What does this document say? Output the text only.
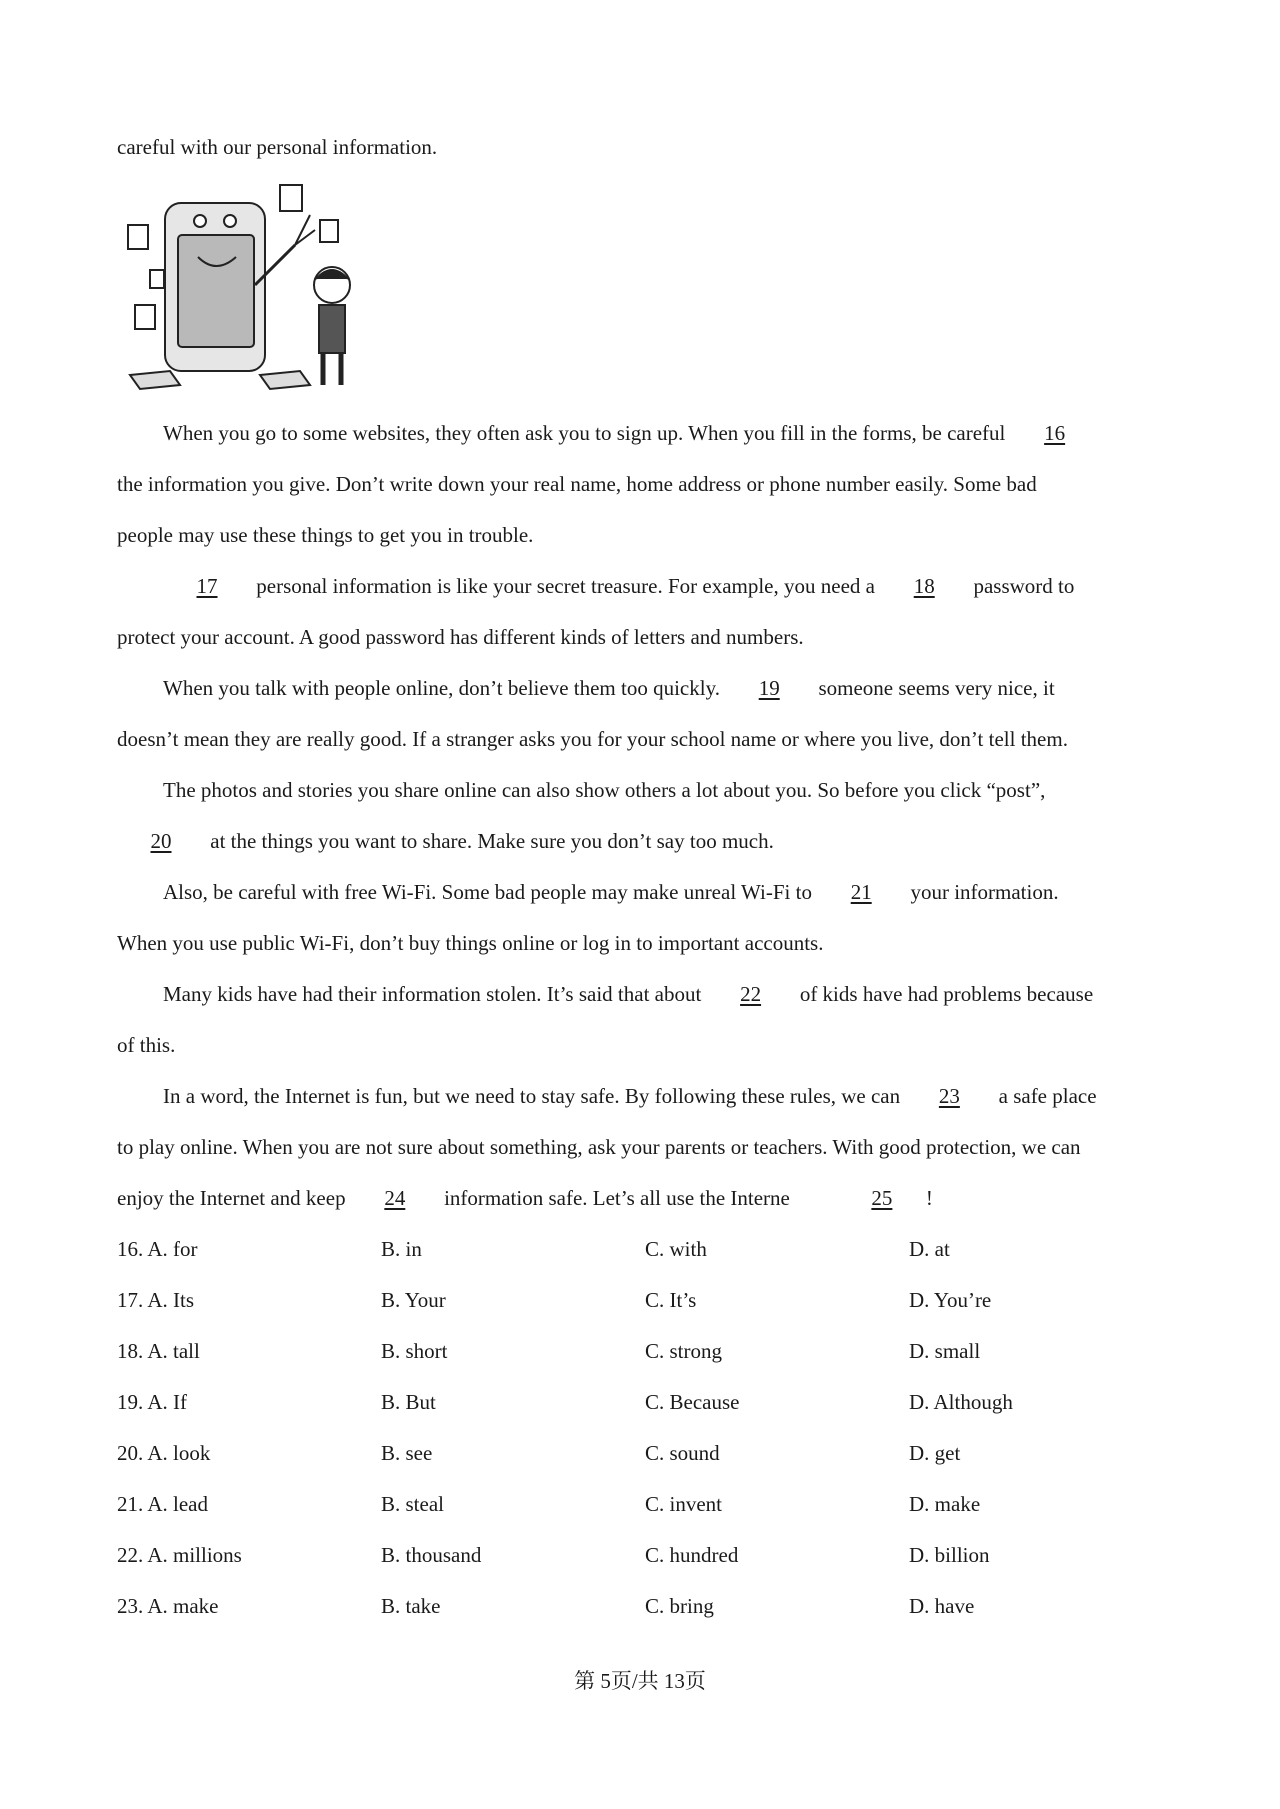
careful with our personal information.
When you go to some websites, they often ask you to sign up. When you fill in the forms, be careful 16
the information you give. Don’t write down your real name, home address or phone number easily. Some bad
people may use these things to get you in trouble.
17 personal information is like your secret treasure. For example, you need a 18 password to
protect your account. A good password has different kinds of letters and numbers.
When you talk with people online, don’t believe them too quickly. 19 someone seems very nice, it
doesn’t mean they are really good. If a stranger asks you for your school name or where you live, don’t tell them.
The photos and stories you share online can also show others a lot about you. So before you click “post”,
20 at the things you want to share. Make sure you don’t say too much.
Also, be careful with free Wi-Fi. Some bad people may make unreal Wi-Fi to 21 your information.
When you use public Wi-Fi, don’t buy things online or log in to important accounts.
Many kids have had their information stolen. It’s said that about 22 of kids have had problems because
of this.
In a word, the Internet is fun, but we need to stay safe. By following these rules, we can 23 a safe place
to play online. When you are not sure about something, ask your parents or teachers. With good protection, we can
enjoy the Internet and keep 24 information safe. Let’s all use the Interne	25 !
16. A. for	B. in	C. with	D. at
17. A. Its	B. Your	C. It’s	D. You’re
18. A. tall	B. short	C. strong	D. small
19. A. If	B. But	C. Because	D. Although
20. A. look	B. see	C. sound	D. get
21. A. lead	B. steal	C. invent	D. make
22. A. millions	B. thousand	C. hundred	D. billion
23. A. make	B. take	C. bring	D. have
第 5页/共 13页
